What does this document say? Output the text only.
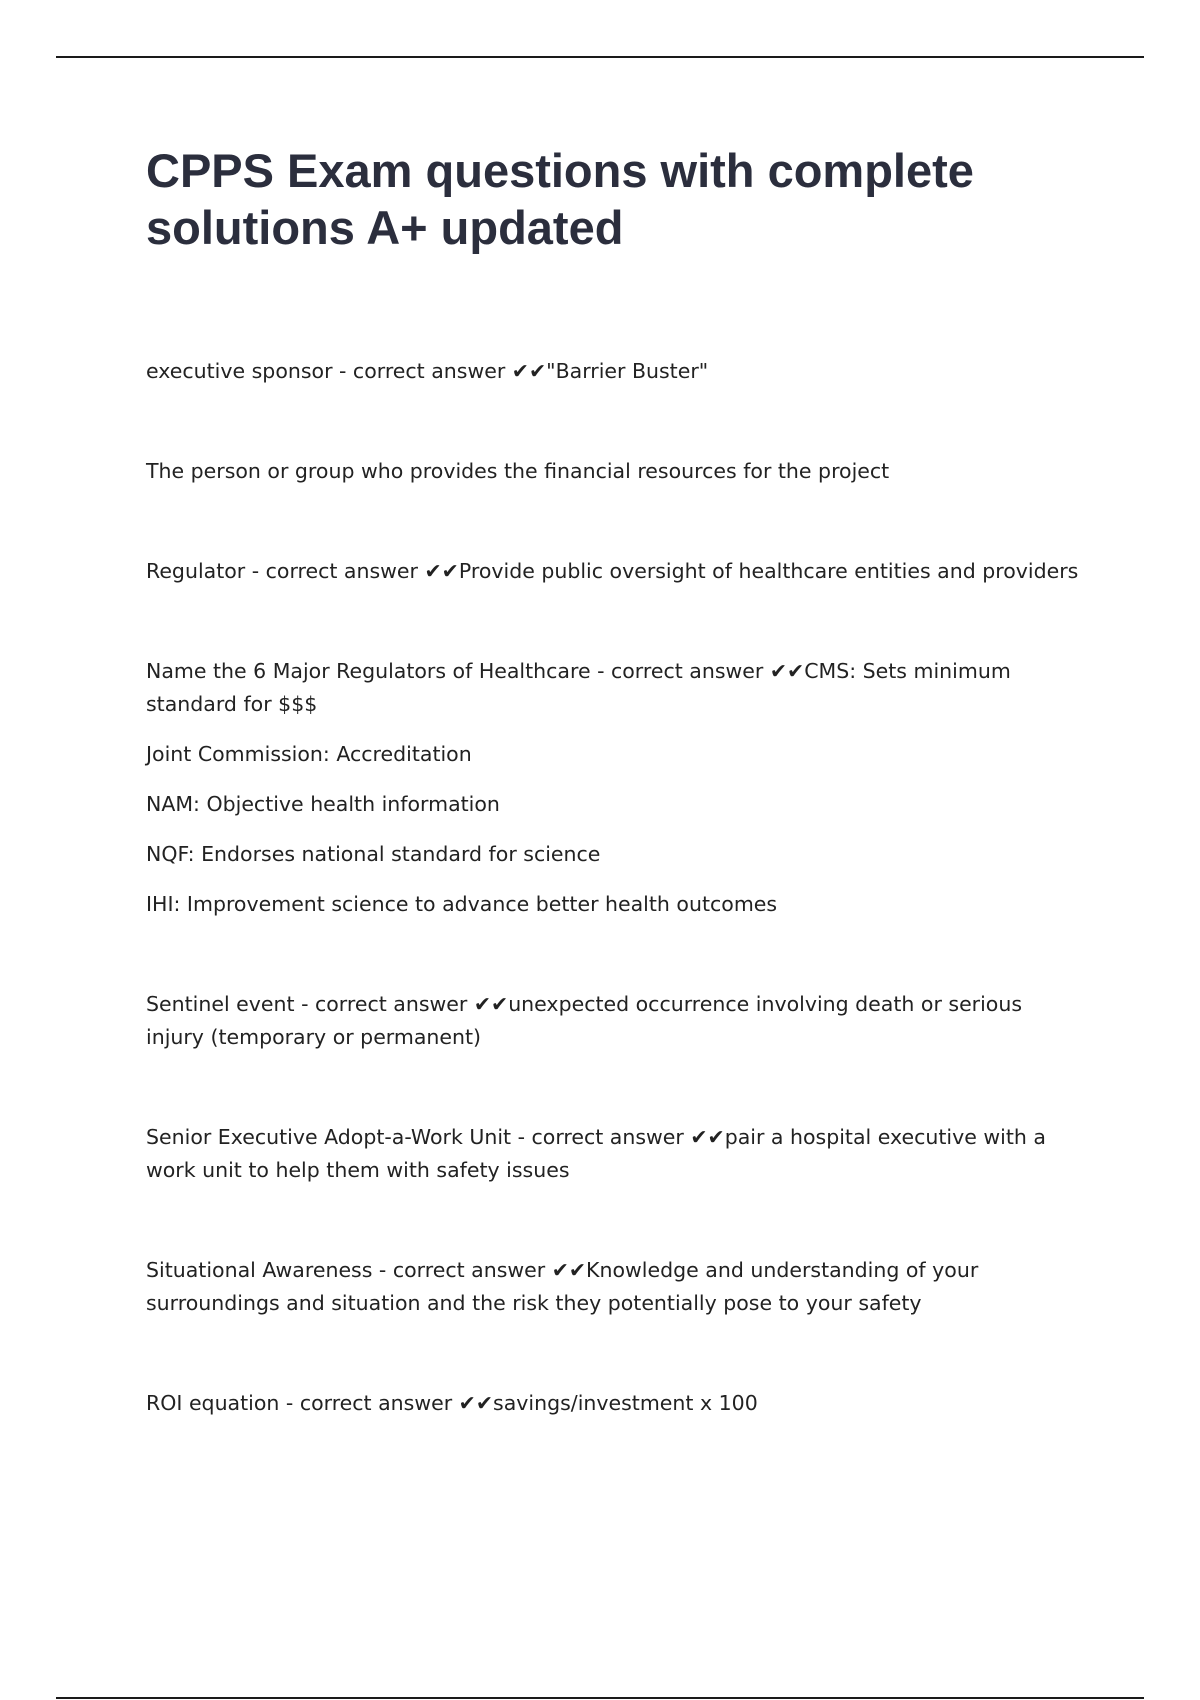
CPPS Exam questions with complete solutions A+ updated

executive sponsor - correct answer ✔✔"Barrier Buster"

The person or group who provides the financial resources for the project

Regulator - correct answer ✔✔Provide public oversight of healthcare entities and providers

Name the 6 Major Regulators of Healthcare - correct answer ✔✔CMS: Sets minimum standard for $$$

Joint Commission: Accreditation

NAM: Objective health information

NQF: Endorses national standard for science

IHI: Improvement science to advance better health outcomes

Sentinel event - correct answer ✔✔unexpected occurrence involving death or serious injury (temporary or permanent)

Senior Executive Adopt-a-Work Unit - correct answer ✔✔pair a hospital executive with a work unit to help them with safety issues

Situational Awareness - correct answer ✔✔Knowledge and understanding of your surroundings and situation and the risk they potentially pose to your safety

ROI equation - correct answer ✔✔savings/investment x 100
